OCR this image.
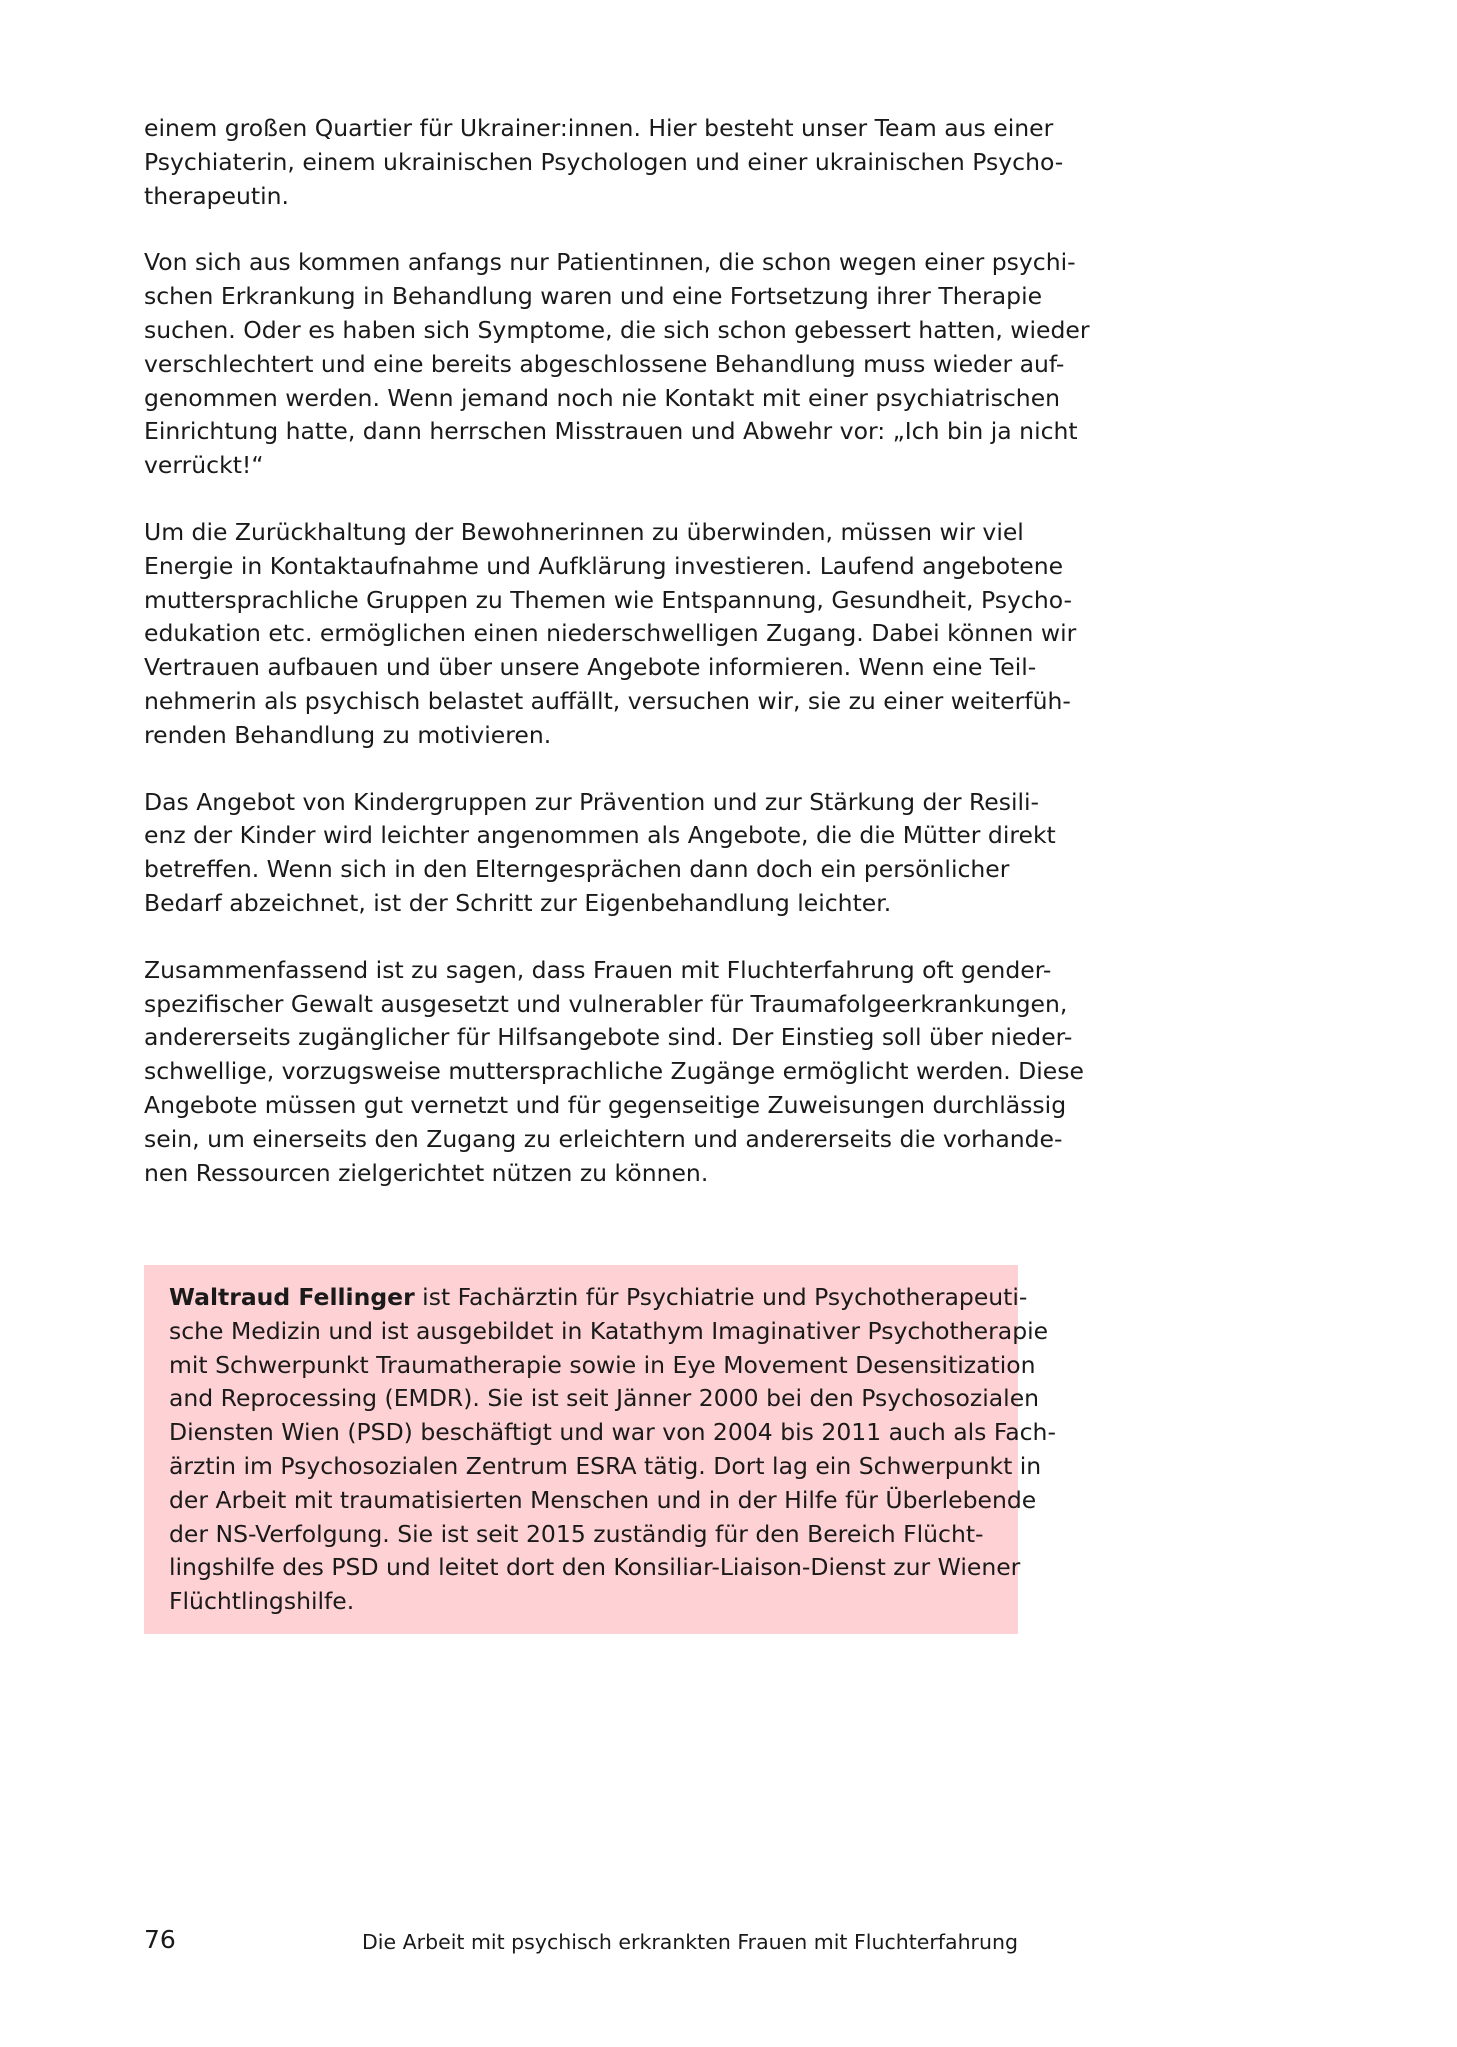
einem großen Quartier für Ukrainer:innen. Hier besteht unser Team aus einer
Psychiaterin, einem ukrainischen Psychologen und einer ukrainischen Psycho-
therapeutin.

Von sich aus kommen anfangs nur Patientinnen, die schon wegen einer psychi-
schen Erkrankung in Behandlung waren und eine Fortsetzung ihrer Therapie
suchen. Oder es haben sich Symptome, die sich schon gebessert hatten, wieder
verschlechtert und eine bereits abgeschlossene Behandlung muss wieder auf-
genommen werden. Wenn jemand noch nie Kontakt mit einer psychiatrischen
Einrichtung hatte, dann herrschen Misstrauen und Abwehr vor: „Ich bin ja nicht
verrückt!“

Um die Zurückhaltung der Bewohnerinnen zu überwinden, müssen wir viel
Energie in Kontaktaufnahme und Aufklärung investieren. Laufend angebotene
muttersprachliche Gruppen zu Themen wie Entspannung, Gesundheit, Psycho-
edukation etc. ermöglichen einen niederschwelligen Zugang. Dabei können wir
Vertrauen aufbauen und über unsere Angebote informieren. Wenn eine Teil-
nehmerin als psychisch belastet auffällt, versuchen wir, sie zu einer weiterfüh-
renden Behandlung zu motivieren.

Das Angebot von Kindergruppen zur Prävention und zur Stärkung der Resili-
enz der Kinder wird leichter angenommen als Angebote, die die Mütter direkt
betreffen. Wenn sich in den Elterngesprächen dann doch ein persönlicher
Bedarf abzeichnet, ist der Schritt zur Eigenbehandlung leichter.

Zusammenfassend ist zu sagen, dass Frauen mit Fluchterfahrung oft gender-
spezifischer Gewalt ausgesetzt und vulnerabler für Traumafolgeerkrankungen,
andererseits zugänglicher für Hilfsangebote sind. Der Einstieg soll über nieder-
schwellige, vorzugsweise muttersprachliche Zugänge ermöglicht werden. Diese
Angebote müssen gut vernetzt und für gegenseitige Zuweisungen durchlässig
sein, um einerseits den Zugang zu erleichtern und andererseits die vorhande-
nen Ressourcen zielgerichtet nützen zu können.

Waltraud Fellinger ist Fachärztin für Psychiatrie und Psychotherapeuti-
sche Medizin und ist ausgebildet in Katathym Imaginativer Psychotherapie
mit Schwerpunkt Traumatherapie sowie in Eye Movement Desensitization
and Reprocessing (EMDR). Sie ist seit Jänner 2000 bei den Psychosozialen
Diensten Wien (PSD) beschäftigt und war von 2004 bis 2011 auch als Fach-
ärztin im Psychosozialen Zentrum ESRA tätig. Dort lag ein Schwerpunkt in
der Arbeit mit traumatisierten Menschen und in der Hilfe für Überlebende
der NS-Verfolgung. Sie ist seit 2015 zuständig für den Bereich Flücht-
lingshilfe des PSD und leitet dort den Konsiliar-Liaison-Dienst zur Wiener
Flüchtlingshilfe.

76	Die Arbeit mit psychisch erkrankten Frauen mit Fluchterfahrung
